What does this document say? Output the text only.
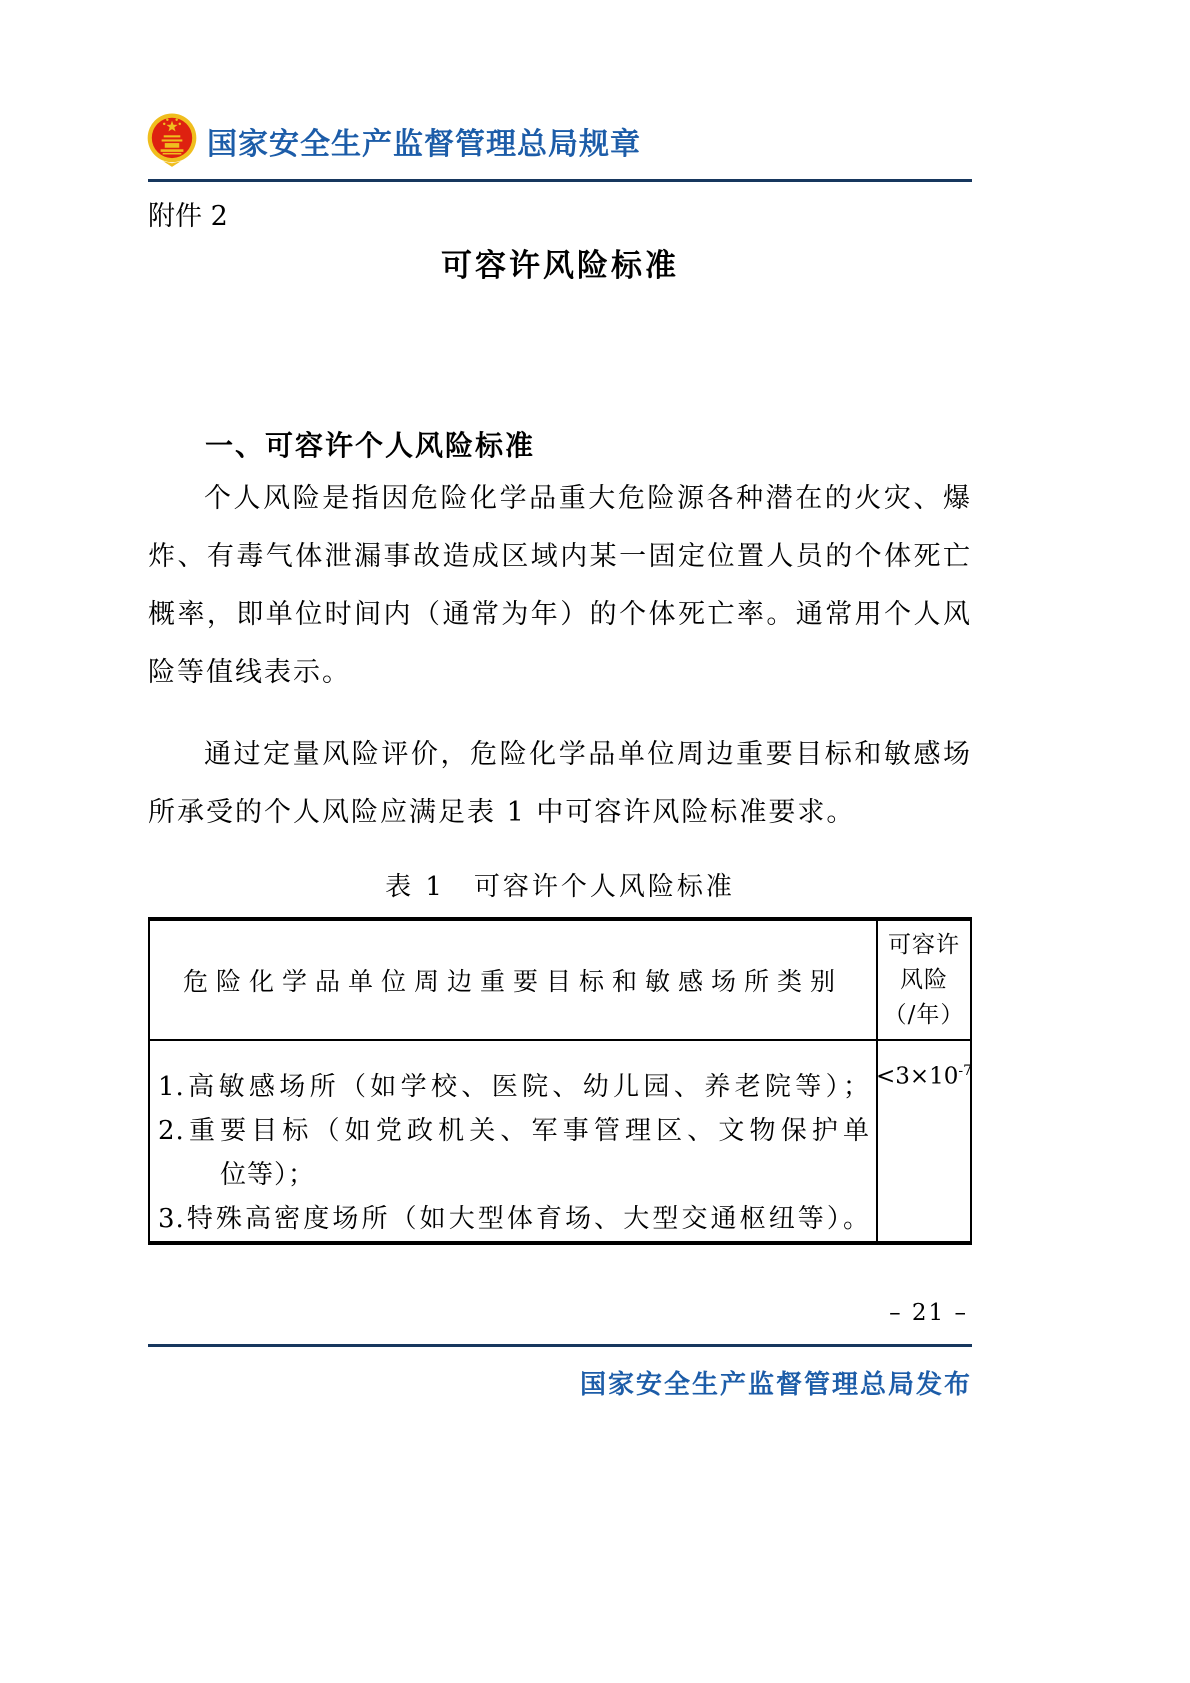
国家安全生产监督管理总局规章
附件 2
可容许风险标准
一、可容许个人风险标准
个人风险是指因危险化学品重大危险源各种潜在的火灾、爆
炸、有毒气体泄漏事故造成区域内某一固定位置人员的个体死亡
概率，即单位时间内（通常为年）的个体死亡率。通常用个人风
险等值线表示。
通过定量风险评价，危险化学品单位周边重要目标和敏感场
所承受的个人风险应满足表 1 中可容许风险标准要求。
表 1　可容许个人风险标准
危险化学品单位周边重要目标和敏感场所类别
可容许
风险
（/年）
1.高敏感场所（如学校、医院、幼儿园、养老院等）；
2.重要目标（如党政机关、军事管理区、文物保护单
位等）；
3.特殊高密度场所（如大型体育场、大型交通枢纽等）。
$<3\times 10^{-7}$
– 21 –
国家安全生产监督管理总局发布
